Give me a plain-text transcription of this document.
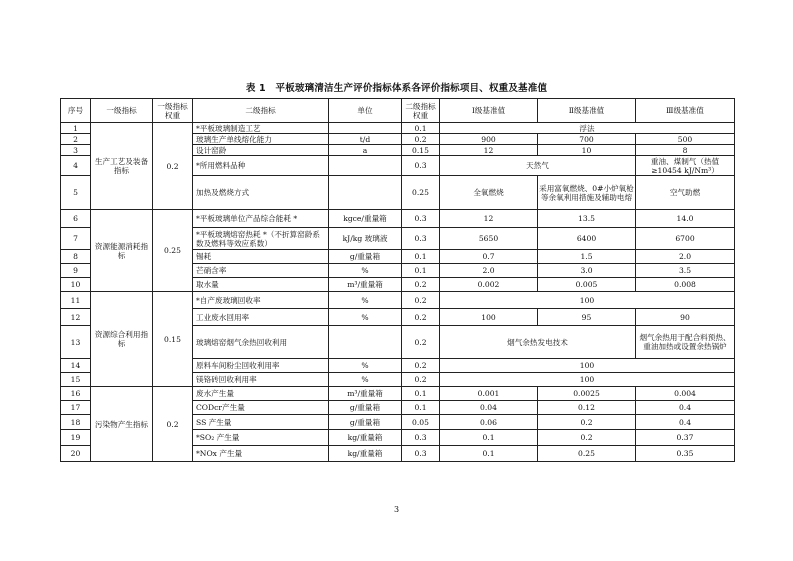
表 1　平板玻璃清洁生产评价指标体系各评价指标项目、权重及基准值
序号	一级指标	一级指标权重	二级指标	单位	二级指标权重	Ⅰ级基准值	Ⅱ级基准值	Ⅲ级基准值
1	生产工艺及装备指标	0.2	*平板玻璃制造工艺		0.1	浮法		
2			玻璃生产单线熔化能力	t/d	0.2	900	700	500
3			设计窑龄	a	0.15	12	10	8
4			*所用燃料品种		0.3	天然气		重油、煤制气（热值≥10454 kJ/Nm³）
5			加热及燃烧方式		0.25	全氧燃烧	采用富氧燃烧、0#小炉氧枪等余氧利用措施及辅助电熔	空气助燃
6	资源能源消耗指标	0.25	*平板玻璃单位产品综合能耗 *	kgce/重量箱	0.3	12	13.5	14.0
7			*平板玻璃熔窑热耗 *（不折算窑龄系数及燃料等效应系数）	kJ/kg 玻璃液	0.3	5650	6400	6700
8			锡耗	g/重量箱	0.1	0.7	1.5	2.0
9			芒硝含率	%	0.1	2.0	3.0	3.5
10			取水量	m³/重量箱	0.2	0.002	0.005	0.008
11	资源综合利用指标	0.15	*自产废玻璃回收率	%	0.2	100		
12			工业废水回用率	%	0.2	100	95	90
13			玻璃熔窑烟气余热回收利用		0.2	烟气余热发电技术		烟气余热用于配合料预热、重油加热或设置余热锅炉
14			原料车间粉尘回收利用率	%	0.2	100		
15			镁铬砖回收利用率	%	0.2	100		
16	污染物产生指标	0.2	废水产生量	m³/重量箱	0.1	0.001	0.0025	0.004
17			CODcr产生量	g/重量箱	0.1	0.04	0.12	0.4
18			SS 产生量	g/重量箱	0.05	0.06	0.2	0.4
19			*SO₂ 产生量	kg/重量箱	0.3	0.1	0.2	0.37
20			*NOx 产生量	kg/重量箱	0.3	0.1	0.25	0.35
3
